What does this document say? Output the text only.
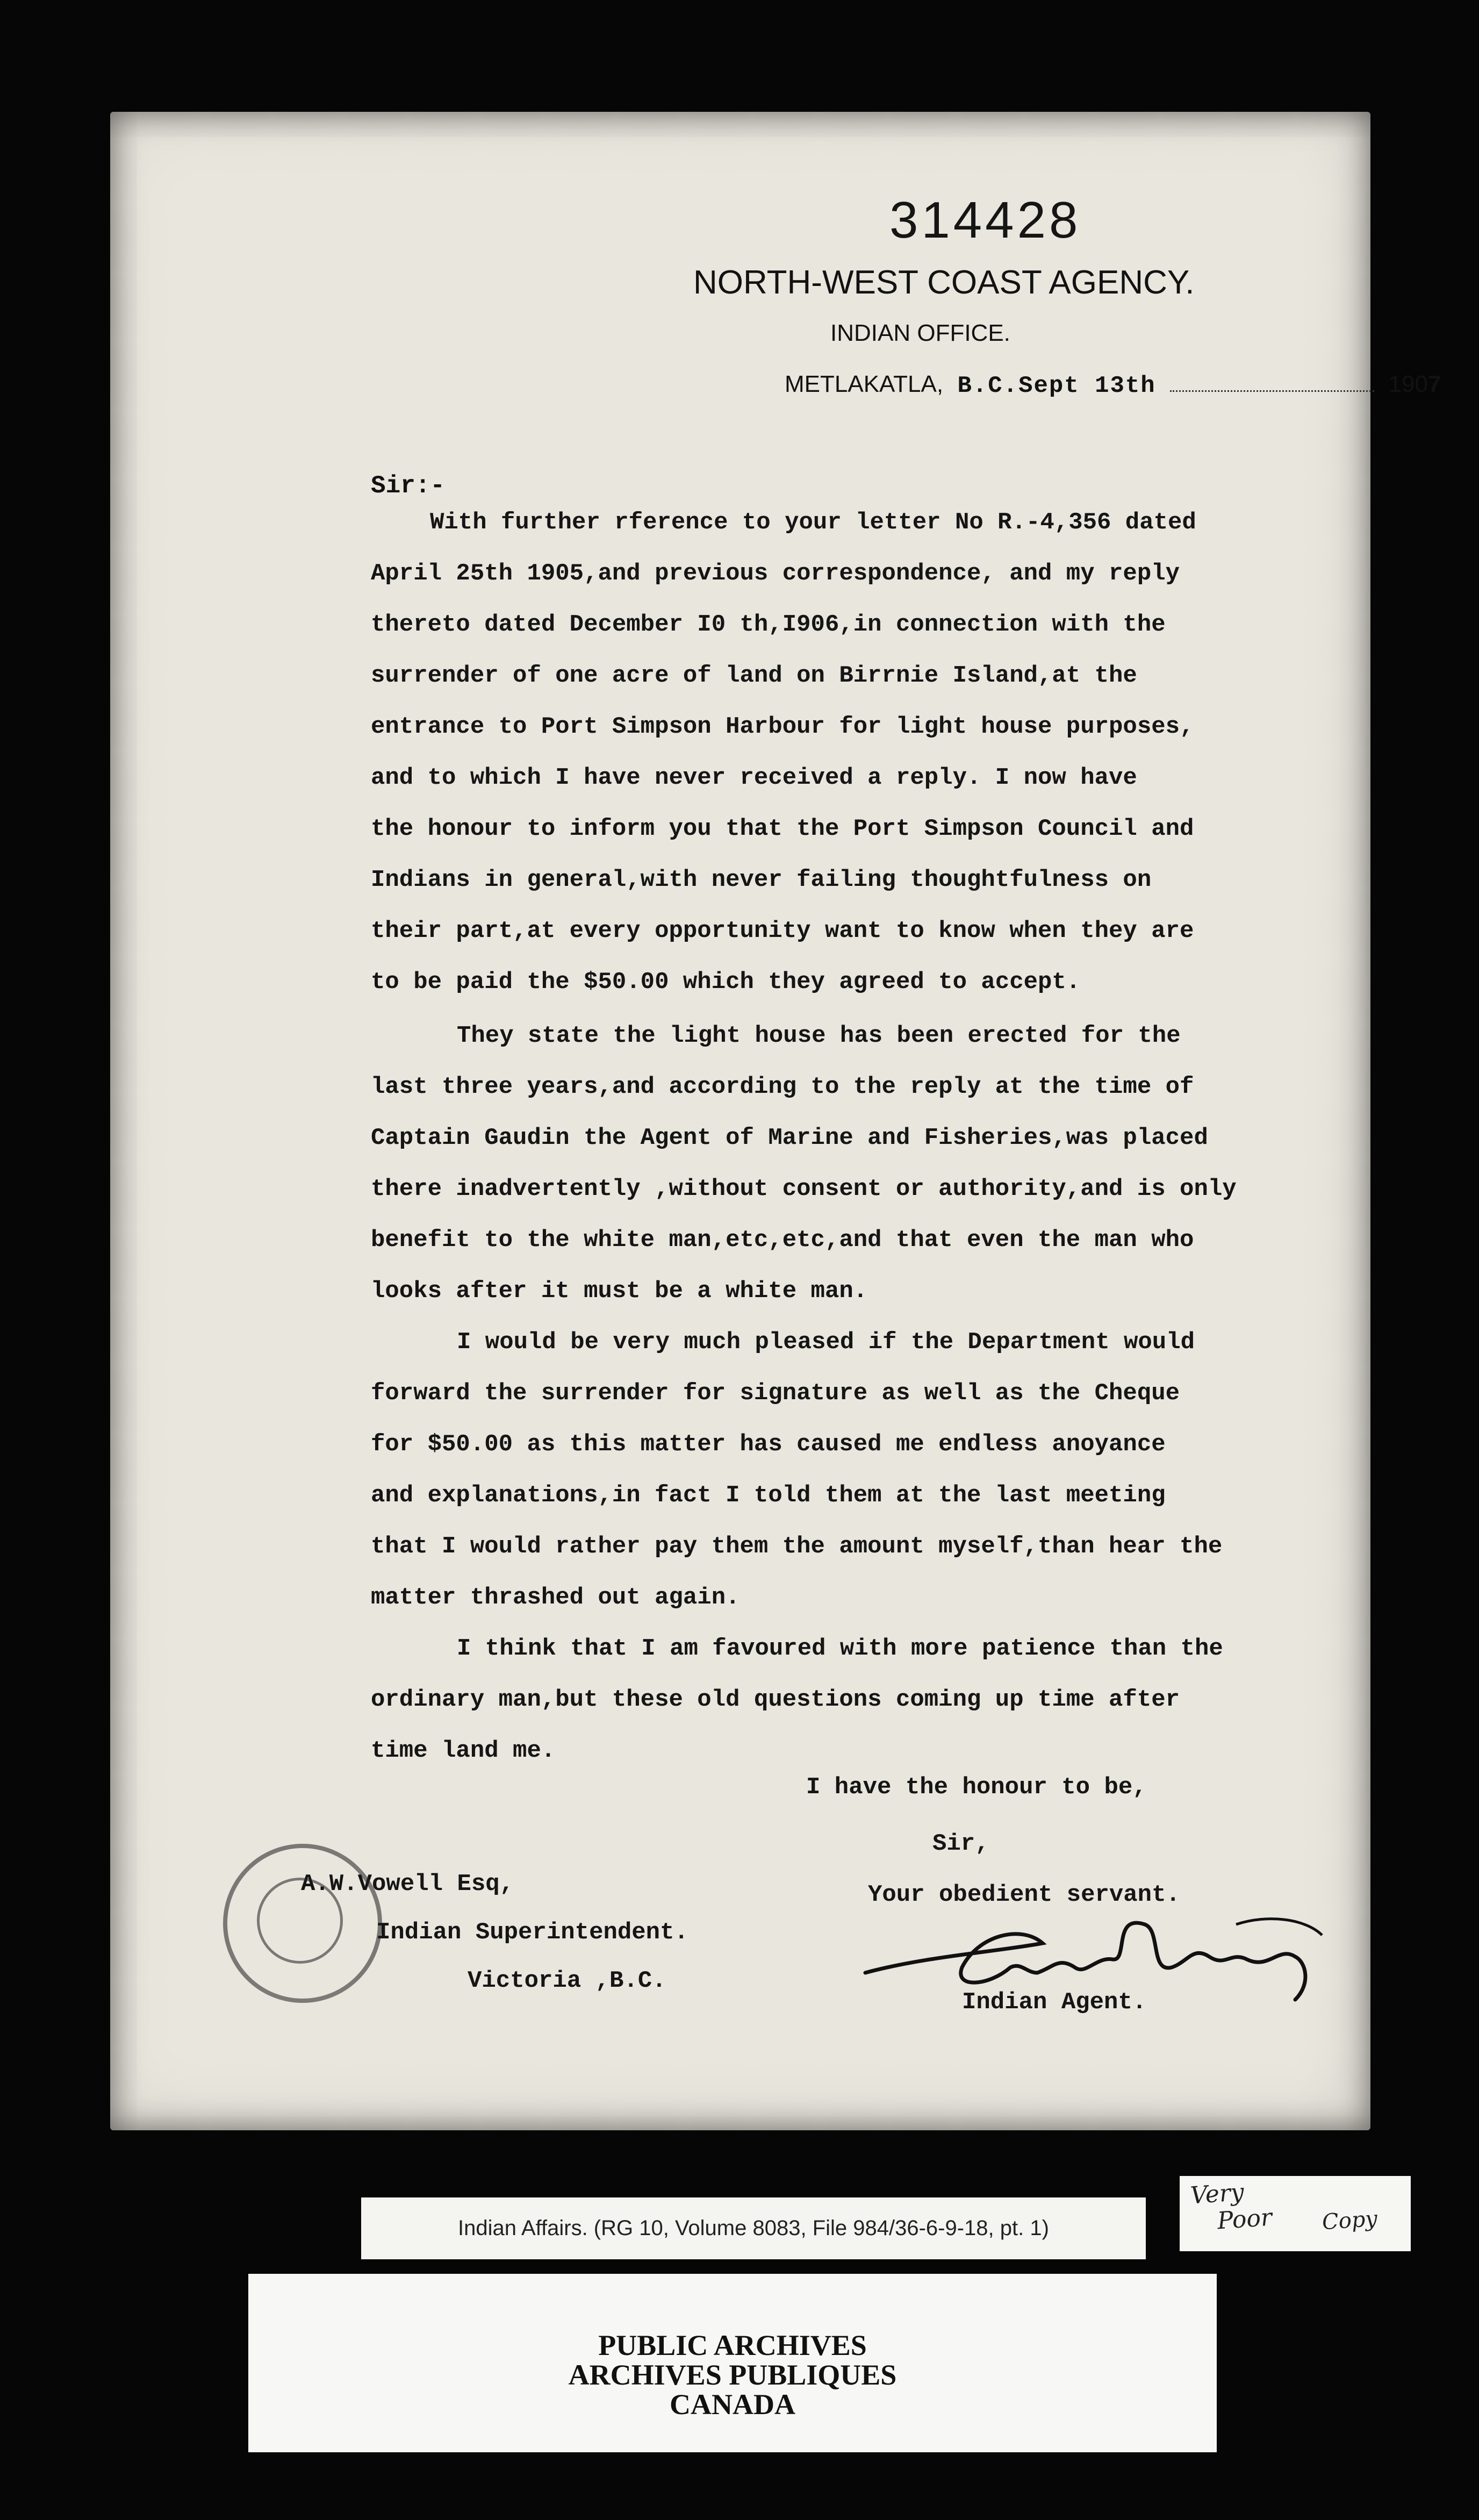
314428
NORTH-WEST COAST AGENCY.
INDIAN OFFICE.
METLAKATLA, B.C.Sept 13th	1907
Sir:-
With further rference to your letter No R.-4,356 dated
April 25th 1905,and previous correspondence, and my reply
thereto dated December I0 th,I906,in connection with the
surrender of one acre of land on Birrnie Island,at the
entrance to Port Simpson Harbour for light house purposes,
and to which I have never received a reply. I now have
the honour to inform you that the Port Simpson Council and
Indians in general,with never failing thoughtfulness on
their part,at every opportunity want to know when they are
to be paid the $50.00 which they agreed to accept.
They state the light house has been erected for the
last three years,and according to the reply at the time of
Captain Gaudin the Agent of Marine and Fisheries,was placed
there inadvertently ,without consent or authority,and is only
benefit to the white man,etc,etc,and that even the man who
looks after it must be a white man.
I would be very much pleased if the Department would
forward the surrender for signature as well as the Cheque
for $50.00 as this matter has caused me endless anoyance
and explanations,in fact I told them at the last meeting
that I would rather pay them the amount myself,than hear the
matter thrashed out again.
I think that I am favoured with more patience than the
ordinary man,but these old questions coming up time after
time land me.
I have the honour to be,
Sir,
Your obedient servant.
Indian Agent.
A.W.Vowell Esq,
Indian Superintendent.
Victoria ,B.C.
Indian Affairs. (RG 10, Volume 8083, File 984/36-6-9-18, pt. 1)
Very
Poor Copy
PUBLIC ARCHIVES
ARCHIVES PUBLIQUES
CANADA
